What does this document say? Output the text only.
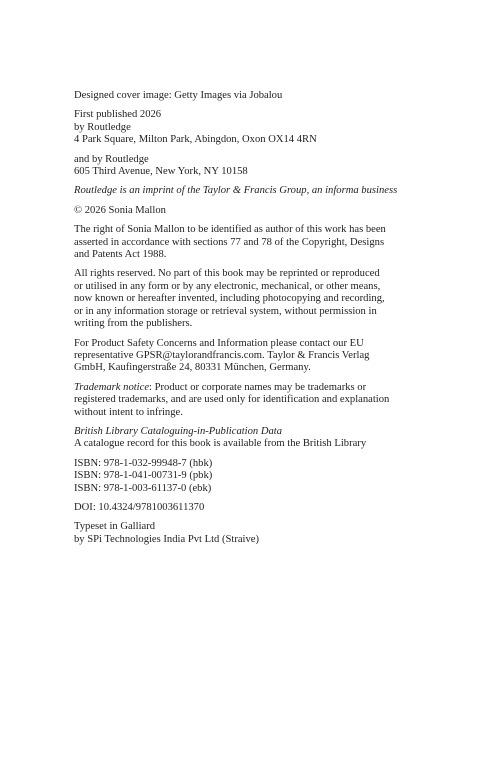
Designed cover image: Getty Images via Jobalou
First published 2026
by Routledge
4 Park Square, Milton Park, Abingdon, Oxon OX14 4RN
and by Routledge
605 Third Avenue, New York, NY 10158
Routledge is an imprint of the Taylor & Francis Group, an informa business
© 2026 Sonia Mallon
The right of Sonia Mallon to be identified as author of this work has been
asserted in accordance with sections 77 and 78 of the Copyright, Designs
and Patents Act 1988.
All rights reserved. No part of this book may be reprinted or reproduced
or utilised in any form or by any electronic, mechanical, or other means,
now known or hereafter invented, including photocopying and recording,
or in any information storage or retrieval system, without permission in
writing from the publishers.
For Product Safety Concerns and Information please contact our EU
representative GPSR@taylorandfrancis.com. Taylor & Francis Verlag
GmbH, Kaufingerstraße 24, 80331 München, Germany.
Trademark notice: Product or corporate names may be trademarks or
registered trademarks, and are used only for identification and explanation
without intent to infringe.
British Library Cataloguing-in-Publication Data
A catalogue record for this book is available from the British Library
ISBN: 978-1-032-99948-7 (hbk)
ISBN: 978-1-041-00731-9 (pbk)
ISBN: 978-1-003-61137-0 (ebk)
DOI: 10.4324/9781003611370
Typeset in Galliard
by SPi Technologies India Pvt Ltd (Straive)
